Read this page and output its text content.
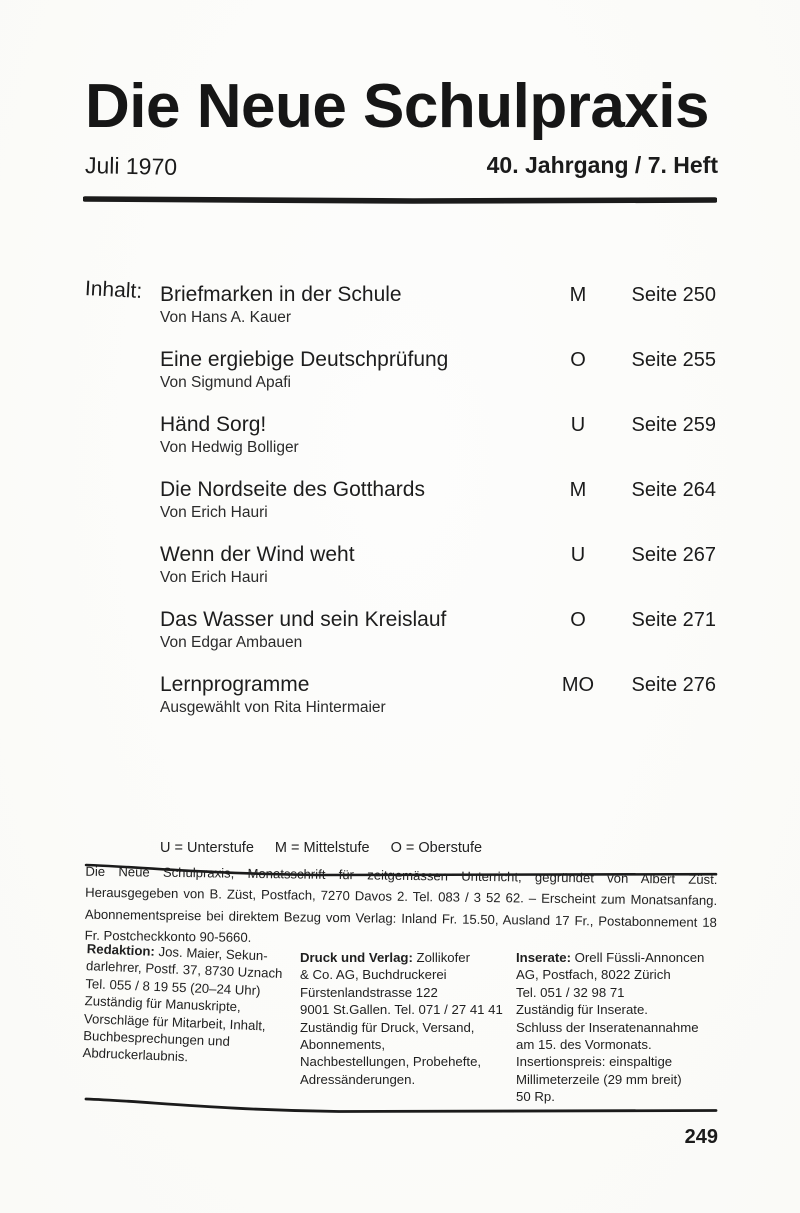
Die Neue Schulpraxis
Juli 1970	40. Jahrgang / 7. Heft
Inhalt: Briefmarken in der Schule
Von Hans A. Kauer
M	Seite 250
Eine ergiebige Deutschprüfung
Von Sigmund Apafi
O	Seite 255
Händ Sorg!
Von Hedwig Bolliger
U	Seite 259
Die Nordseite des Gotthards
Von Erich Hauri
M	Seite 264
Wenn der Wind weht
Von Erich Hauri
U	Seite 267
Das Wasser und sein Kreislauf
Von Edgar Ambauen
O	Seite 271
Lernprogramme
Ausgewählt von Rita Hintermaier
MO	Seite 276
U = Unterstufe M = Mittelstufe O = Oberstufe
Die Neue Schulpraxis, Monatsschrift für zeitgemässen Unterricht, gegründet von Albert Züst. Herausgegeben von B. Züst, Postfach, 7270 Davos 2. Tel. 083 / 3 52 62. – Erscheint zum Monatsanfang. Abonnementspreise bei direktem Bezug vom Verlag: Inland Fr. 15.50, Ausland 17 Fr., Postabonnement 18 Fr. Postcheckkonto 90-5660.
Redaktion: Jos. Maier, Sekun-
darlehrer, Postf. 37, 8730 Uznach
Tel. 055 / 8 19 55 (20–24 Uhr)
Zuständig für Manuskripte,
Vorschläge für Mitarbeit, Inhalt,
Buchbesprechungen und
Abdruckerlaubnis.
Druck und Verlag: Zollikofer
& Co. AG, Buchdruckerei
Fürstenlandstrasse 122
9001 St.Gallen. Tel. 071 / 27 41 41
Zuständig für Druck, Versand,
Abonnements,
Nachbestellungen, Probehefte,
Adressänderungen.
Inserate: Orell Füssli-Annoncen
AG, Postfach, 8022 Zürich
Tel. 051 / 32 98 71
Zuständig für Inserate.
Schluss der Inseratenannahme
am 15. des Vormonats.
Insertionspreis: einspaltige
Millimeterzeile (29 mm breit)
50 Rp.
249
